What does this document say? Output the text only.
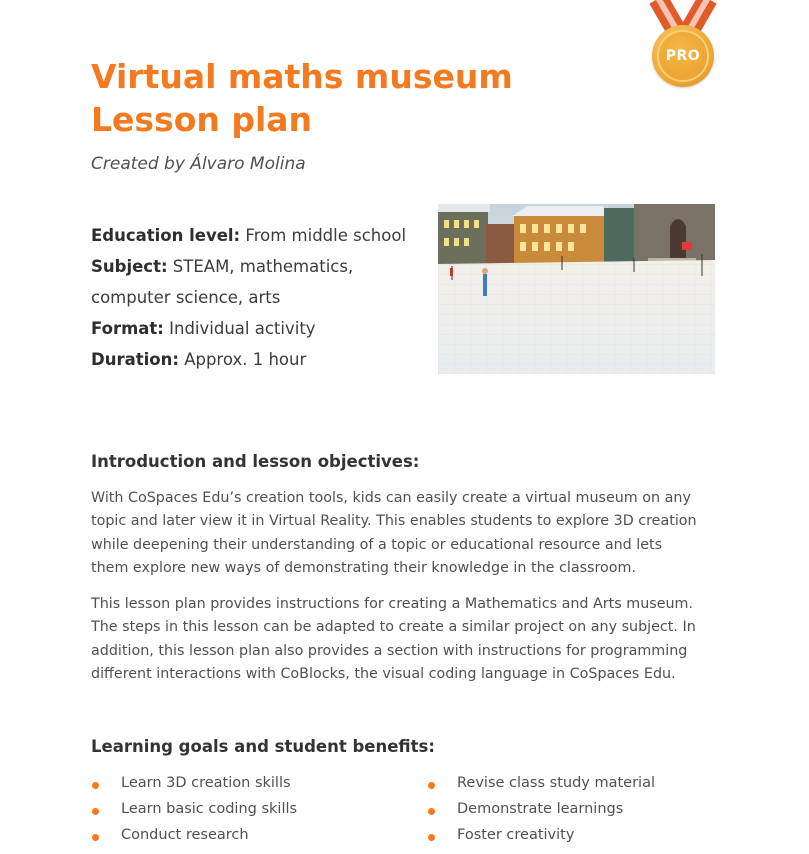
PRO
Virtual maths museum
Lesson plan
Created by Álvaro Molina
Education level: From middle school
Subject: STEAM, mathematics,
computer science, arts
Format: Individual activity
Duration: Approx. 1 hour
Introduction and lesson objectives:
With CoSpaces Edu’s creation tools, kids can easily create a virtual museum on any
topic and later view it in Virtual Reality. This enables students to explore 3D creation
while deepening their understanding of a topic or educational resource and lets
them explore new ways of demonstrating their knowledge in the classroom.
This lesson plan provides instructions for creating a Mathematics and Arts museum.
The steps in this lesson can be adapted to create a similar project on any subject. In
addition, this lesson plan also provides a section with instructions for programming
different interactions with CoBlocks, the visual coding language in CoSpaces Edu.
Learning goals and student benefits:
Learn 3D creation skills
Learn basic coding skills
Conduct research
Revise class study material
Demonstrate learnings
Foster creativity
